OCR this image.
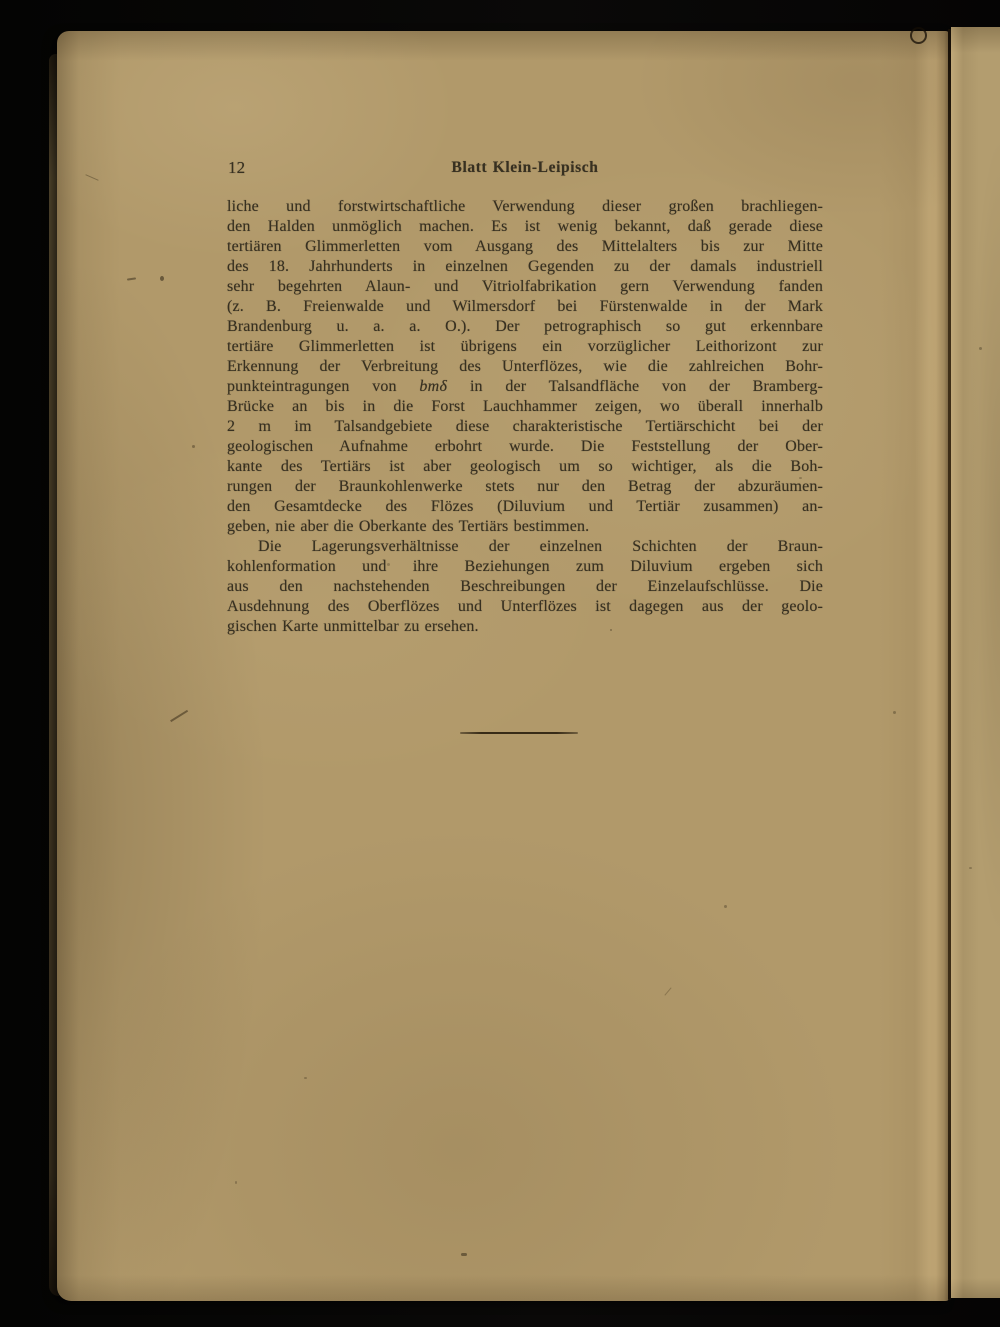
12	Blatt Klein-Leipisch
liche und forstwirtschaftliche Verwendung dieser großen brachliegen-
den Halden unmöglich machen. Es ist wenig bekannt, daß gerade diese
tertiären Glimmerletten vom Ausgang des Mittelalters bis zur Mitte
des 18. Jahrhunderts in einzelnen Gegenden zu der damals industriell
sehr begehrten Alaun- und Vitriolfabrikation gern Verwendung fanden
(z. B. Freienwalde und Wilmersdorf bei Fürstenwalde in der Mark
Brandenburg u. a. a. O.). Der petrographisch so gut erkennbare
tertiäre Glimmerletten ist übrigens ein vorzüglicher Leithorizont zur
Erkennung der Verbreitung des Unterflözes, wie die zahlreichen Bohr-
punkteintragungen von bmδ in der Talsandfläche von der Bramberg-
Brücke an bis in die Forst Lauchhammer zeigen, wo überall innerhalb
2 m im Talsandgebiete diese charakteristische Tertiärschicht bei der
geologischen Aufnahme erbohrt wurde. Die Feststellung der Ober-
kante des Tertiärs ist aber geologisch um so wichtiger, als die Boh-
rungen der Braunkohlenwerke stets nur den Betrag der abzuräumen-
den Gesamtdecke des Flözes (Diluvium und Tertiär zusammen) an-
geben, nie aber die Oberkante des Tertiärs bestimmen.
Die Lagerungsverhältnisse der einzelnen Schichten der Braun-
kohlenformation und ihre Beziehungen zum Diluvium ergeben sich
aus den nachstehenden Beschreibungen der Einzelaufschlüsse. Die
Ausdehnung des Oberflözes und Unterflözes ist dagegen aus der geolo-
gischen Karte unmittelbar zu ersehen.
